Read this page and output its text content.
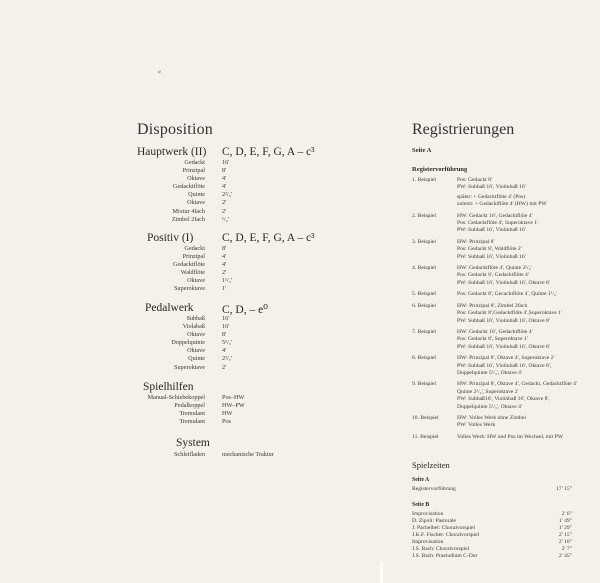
Disposition
Hauptwerk (II) C, D, E, F, G, A – c³
Gedackt	16'
Prinzipal	8'
Oktave	4'
Gedacktflöte	4'
Quinte	2²/₃'
Oktave	2'
Mixtur 4fach	2'
Zimbel 2fach	¹/₂'
Positiv (I) C, D, E, F, G, A – c³
Gedackt	8'
Prinzipal	4'
Gedacktflöte	4'
Waldflöte	2'
Oktave	1¹/₃'
Superoktave	1'
Pedalwerk C, D, – e⁰
Subbaß	16'
Violabaß	16'
Oktave	8'
Doppelquinte	5¹/₃'
Oktave	4'
Quinte	2²/₃'
Superoktave	2'
Spielhilfen
Manual-Schiebekoppel	Pos–HW
Pedalkoppel	HW–PW
Tremulant	HW
Tremulant	Pos
System
Schleifladen	mechanische Traktur
Registrierungen
Seite A
Registervorführung
1. Beispiel	Pos: Gedackt 8'
PW: Subbaß 16', Violinbaß 16'
später: + Gedacktflöte 4' (Pos)
zuletzt: + Gedacktflöte 4' (HW) mit PW
2. Beispiel	HW: Gedackt 16', Gedacktflöte 4'
Pos: Gedacktflöte 4', Superoktave 1'
PW: Subbaß 16', Violinbaß 16'
3. Beispiel	HW: Prinzipal 8'
Pos: Gedackt 8', Waldflöte 2'
PW: Subbaß 16', Violinbaß 16'
4. Beispiel	HW: Gedacktflöte 4', Quinte 2²/₃'
Pos: Gedackt 8', Gedacktflöte 4'
PW: Subbaß 16', Violinbaß 16', Oktave 8'
5. Beispiel	Pos: Gedackt 8', Gecacktflöte 4', Quinte 1¹/₃'
6. Beispiel	HW: Prinzipal 8', Zimbel 2fach
Pos: Gedackt 8',Gedacktflöte 4',Superoktave 1'
PW: Subbaß 16', Violinbaß 16', Oktave 8'
7. Beispiel	HW: Gedackt 16', Gedacktflöte 4'
Pos: Gedackt 8', Superoktave 1'
PW: Subbaß 16', Violinbaß 16', Oktave 8'
8. Beispiel	HW: Prinzipal 8', Oktave 4', Superoktave 2'
PW: Subbaß 16', Violinbaß 16', Oktave 8',
Doppelquinte 5¹/₃', Oktave 4'
9. Beispiel	HW: Prinzipal 8', Oktave 4', Gedackt, Gedacktflöte 4'
Quinte 2²/₃', Superoktave 2'
PW: Subbaß16', Violinbaß 16', Oktave 8',
Doppelquinte 5¹/₃', Oktave 4'
10. Beispiel	HW: Volles Werk ohne Zimbel
PW: Volles Werk
11. Beispiel	Volles Werk: HW und Pos im Wechsel, mit PW
Spielzeiten
Seite A
Registervorführung	17' 15"
Seite B
Improvisation	2' 6"
D. Zipoli: Pastorale	1' 49"
J. Pachelbel: Choralvorspiel	1' 29"
J.K.F. Fischer: Choralvorspiel	2' 15"
Improvisation	2' 10"
J.S. Bach: Choralvorspiel	2' 7"
J.S. Bach: Praeludium C-Dur	2' 45"
